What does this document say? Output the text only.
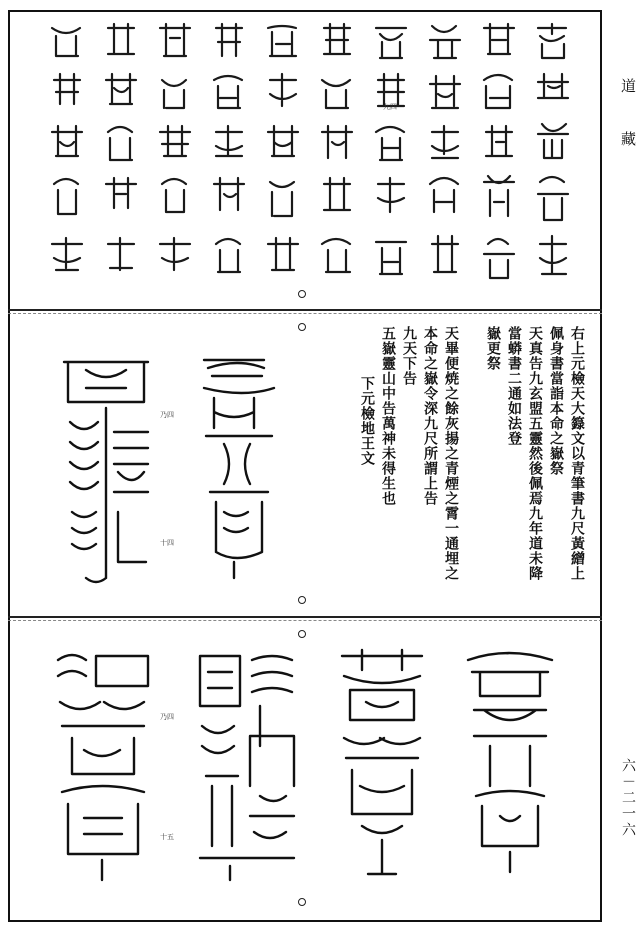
道 藏
六－二一六
九四
右上元檢天大籙文以青筆書九尺黃繒上
佩身書當詣本命之嶽祭
天真告九玄盟五靈然後佩焉九年道未降
當蟒書二通如法登
嶽更祭
天畢便焼之餘灰揚之青煙之霄一通埋之
本命之嶽令深九尺所謂上告
九天下告
五嶽靈山中告萬神未得生也
下元檢地王文
乃四
十四
乃四
十五
